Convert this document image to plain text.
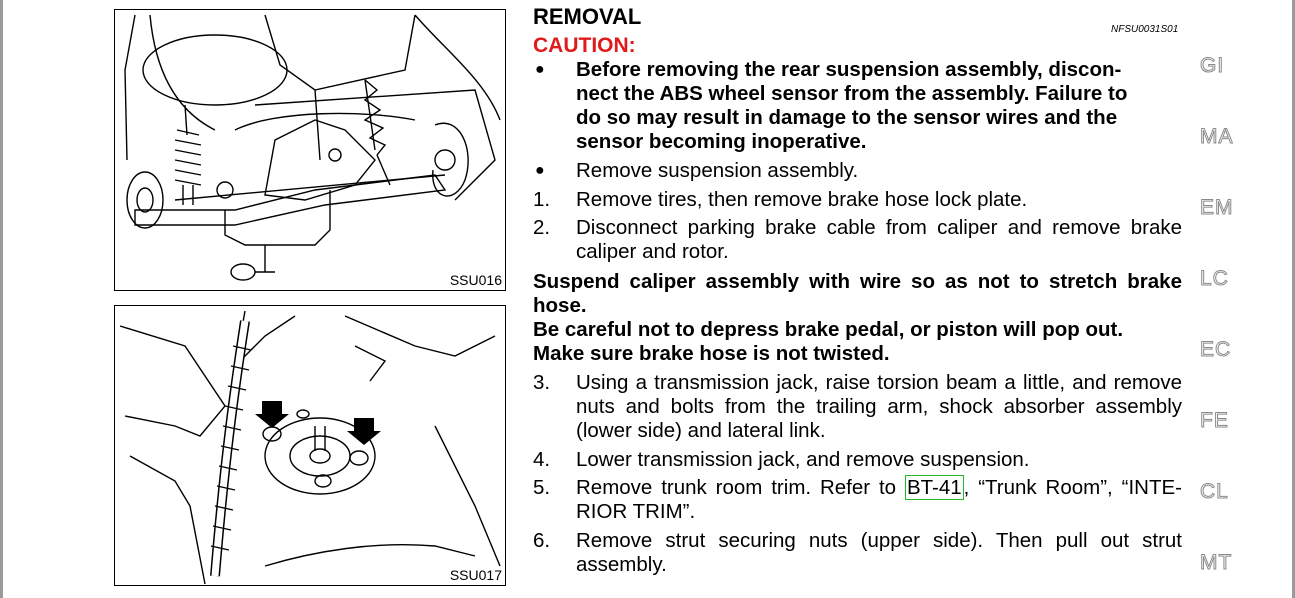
SSU016
SSU017
REMOVAL
NFSU0031S01
CAUTION:
● Before removing the rear suspension assembly, discon-
nect the ABS wheel sensor from the assembly. Failure to
do so may result in damage to the sensor wires and the
sensor becoming inoperative.
● Remove suspension assembly.
1. Remove tires, then remove brake hose lock plate.
2. Disconnect parking brake cable from caliper and remove brake caliper and rotor.
Suspend caliper assembly with wire so as not to stretch brake hose.
Be careful not to depress brake pedal, or piston will pop out.
Make sure brake hose is not twisted.
3. Using a transmission jack, raise torsion beam a little, and remove nuts and bolts from the trailing arm, shock absorber assembly (lower side) and lateral link.
4. Lower transmission jack, and remove suspension.
5. Remove trunk room trim. Refer to BT-41, “Trunk Room”, “INTE-RIOR TRIM”.
6. Remove strut securing nuts (upper side). Then pull out strut assembly.
GI
MA
EM
LC
EC
FE
CL
MT
